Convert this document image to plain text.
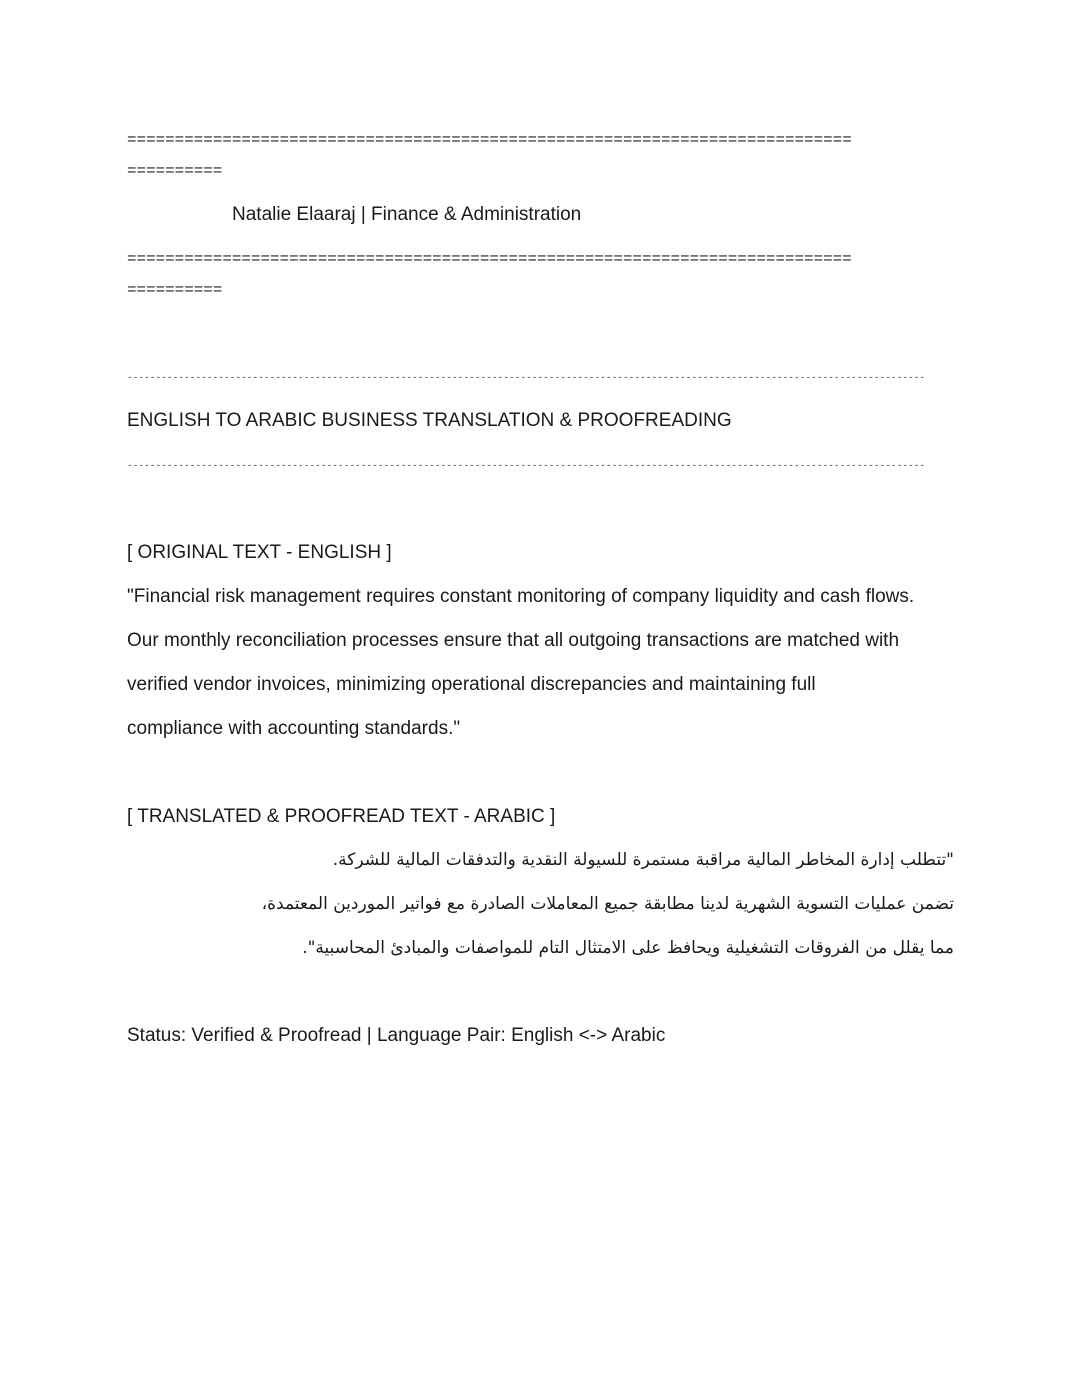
============================================================================
==========
Natalie Elaaraj | Finance & Administration
============================================================================
==========
--------------------------------------------------------------------------------------------------------------------------------------------
ENGLISH TO ARABIC BUSINESS TRANSLATION & PROOFREADING
--------------------------------------------------------------------------------------------------------------------------------------------
[ ORIGINAL TEXT - ENGLISH ]
"Financial risk management requires constant monitoring of company liquidity and cash flows.
Our monthly reconciliation processes ensure that all outgoing transactions are matched with
verified vendor invoices, minimizing operational discrepancies and maintaining full
compliance with accounting standards."
[ TRANSLATED & PROOFREAD TEXT - ARABIC ]
"تتطلب إدارة المخاطر المالية مراقبة مستمرة للسيولة النقدية والتدفقات المالية للشركة.
تضمن عمليات التسوية الشهرية لدينا مطابقة جميع المعاملات الصادرة مع فواتير الموردين المعتمدة،
مما يقلل من الفروقات التشغيلية ويحافظ على الامتثال التام للمواصفات والمبادئ المحاسبية".
Status: Verified & Proofread | Language Pair: English <-> Arabic
